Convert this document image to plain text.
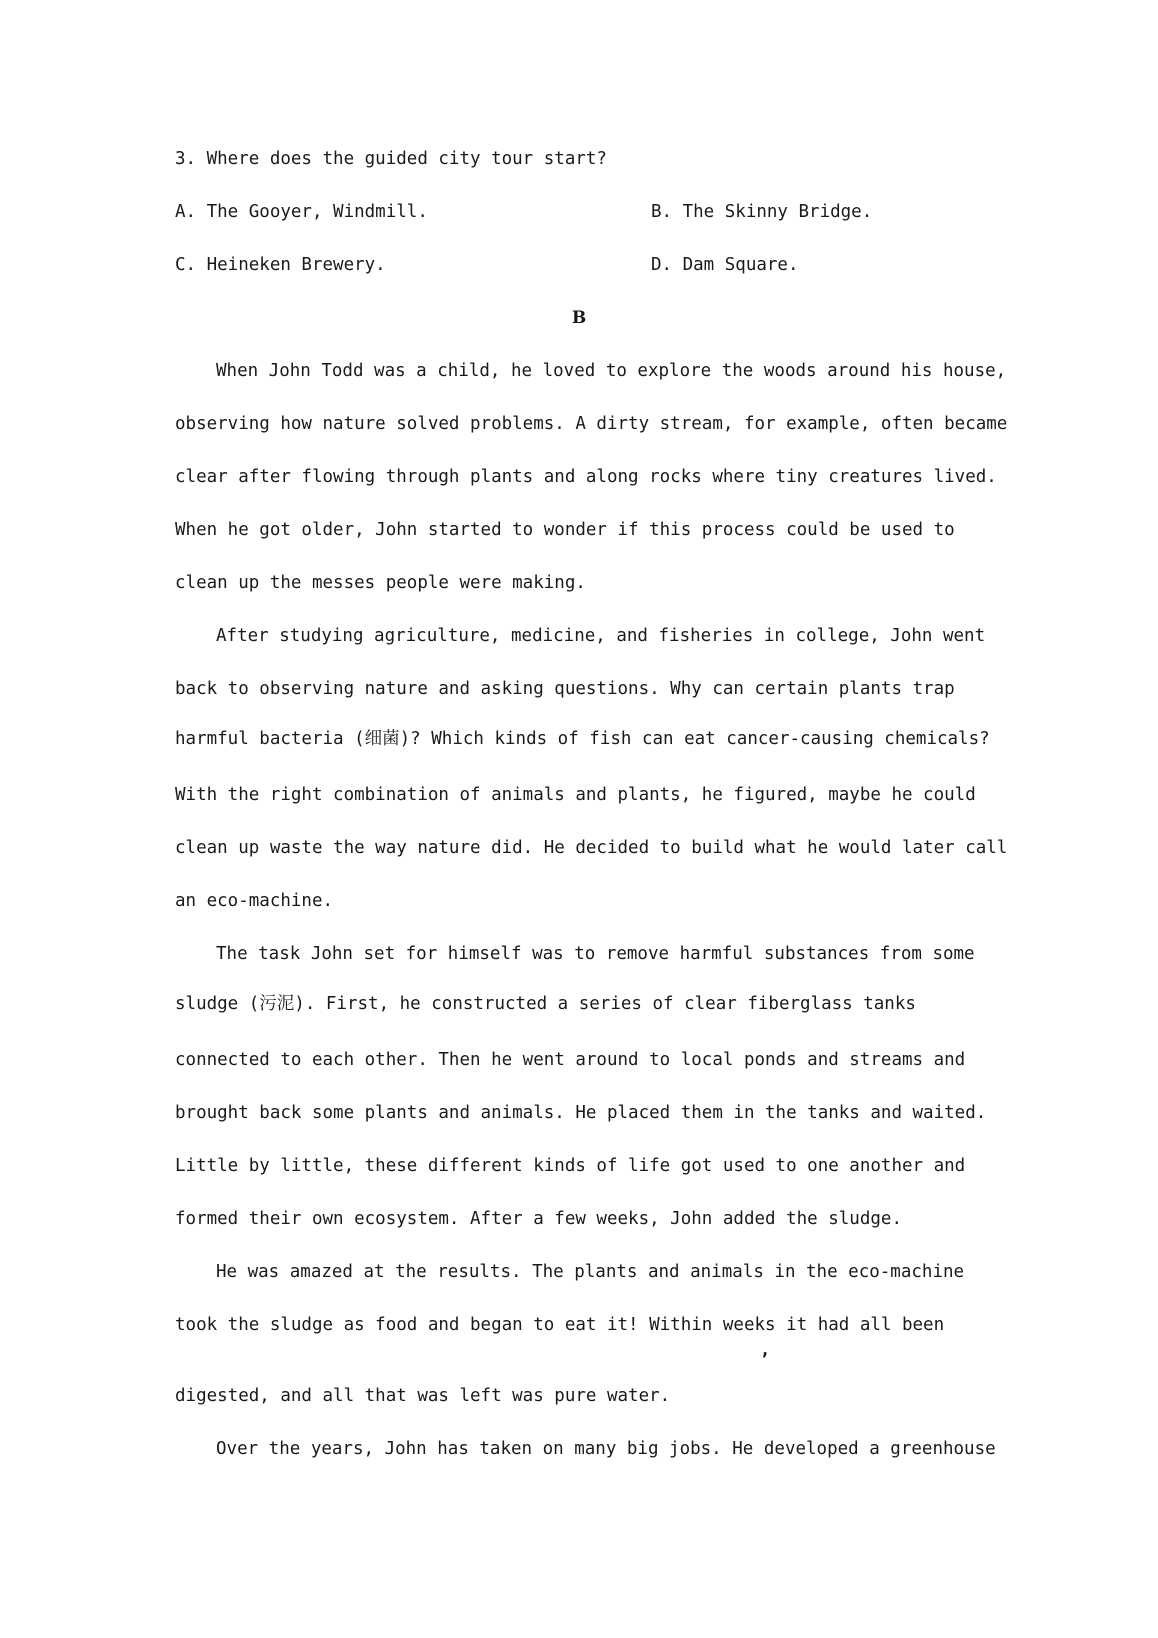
3. Where does the guided city tour start?
A. The Gooyer, Windmill.	B. The Skinny Bridge.
C. Heineken Brewery.	D. Dam Square.
B
When John Todd was a child, he loved to explore the woods around his house,
observing how nature solved problems. A dirty stream, for example, often became
clear after flowing through plants and along rocks where tiny creatures lived.
When he got older, John started to wonder if this process could be used to
clean up the messes people were making.
After studying agriculture, medicine, and fisheries in college, John went
back to observing nature and asking questions. Why can certain plants trap
harmful bacteria (细菌)? Which kinds of fish can eat cancer-causing chemicals?
With the right combination of animals and plants, he figured, maybe he could
clean up waste the way nature did. He decided to build what he would later call
an eco-machine.
The task John set for himself was to remove harmful substances from some
sludge (污泥). First, he constructed a series of clear fiberglass tanks
connected to each other. Then he went around to local ponds and streams and
brought back some plants and animals. He placed them in the tanks and waited.
Little by little, these different kinds of life got used to one another and
formed their own ecosystem. After a few weeks, John added the sludge.
He was amazed at the results. The plants and animals in the eco-machine
took the sludge as food and began to eat it! Within weeks it had all been
,
digested, and all that was left was pure water.
Over the years, John has taken on many big jobs. He developed a greenhouse
